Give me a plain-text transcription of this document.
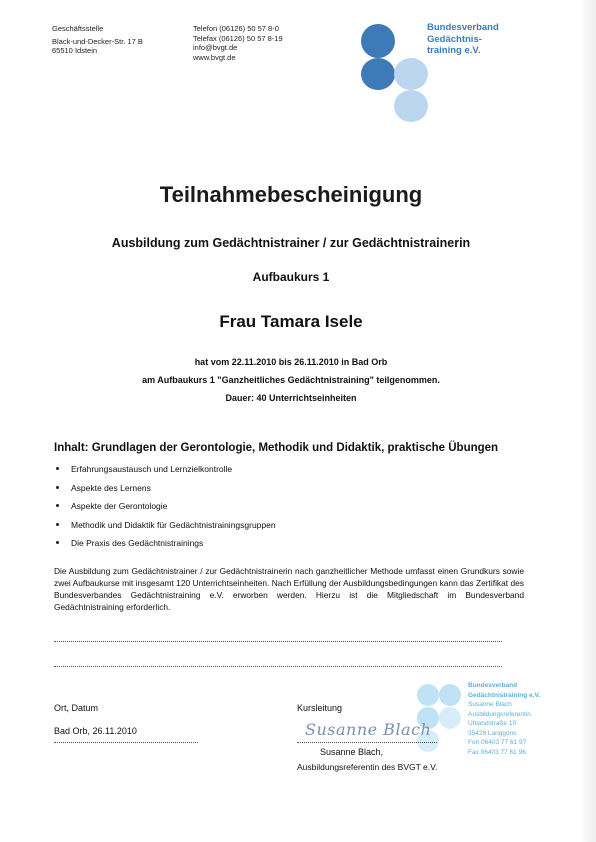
Geschäftsstelle
Black-und-Decker-Str. 17 B
65510 Idstein
Telefon (06126) 50 57 8-0
Telefax (06126) 50 57 8-19
info@bvgt.de
www.bvgt.de
Bundesverband
Gedächtnis-
training e.V.
Teilnahmebescheinigung
Ausbildung zum Gedächtnistrainer / zur Gedächtnistrainerin
Aufbaukurs 1
Frau Tamara Isele
hat vom 22.11.2010 bis 26.11.2010 in Bad Orb
am Aufbaukurs 1 "Ganzheitliches Gedächtnistraining" teilgenommen.
Dauer: 40 Unterrichtseinheiten
Inhalt: Grundlagen der Gerontologie, Methodik und Didaktik, praktische Übungen
Erfahrungsaustausch und Lernzielkontrolle
Aspekte des Lernens
Aspekte der Gerontologie
Methodik und Didaktik für Gedächtnistrainingsgruppen
Die Praxis des Gedächtnistrainings
Die Ausbildung zum Gedächtnistrainer / zur Gedächtnistrainerin nach ganzheitlicher Methode umfasst einen Grundkurs sowie zwei Aufbaukurse mit insgesamt 120 Unterrichtseinheiten. Nach Erfüllung der Ausbildungsbedingungen kann das Zertifikat des Bundesverbandes Gedächtnistraining e.V. erworben werden. Hierzu ist die Mitgliedschaft im Bundesverband Gedächtnistraining erforderlich.
Ort, Datum
Bad Orb, 26.11.2010
Kursleitung
Bundesverband
Gedächtnistraining e.V.
Susanne Blach
Ausbildungsreferentin
Uhlandstraße 10
35428 Langgöns
Fon 06403 77 61 97
Fax 06403 77 61 96
Susanne Blach
Susanne Blach,
Ausbildungsreferentin des BVGT e.V.
